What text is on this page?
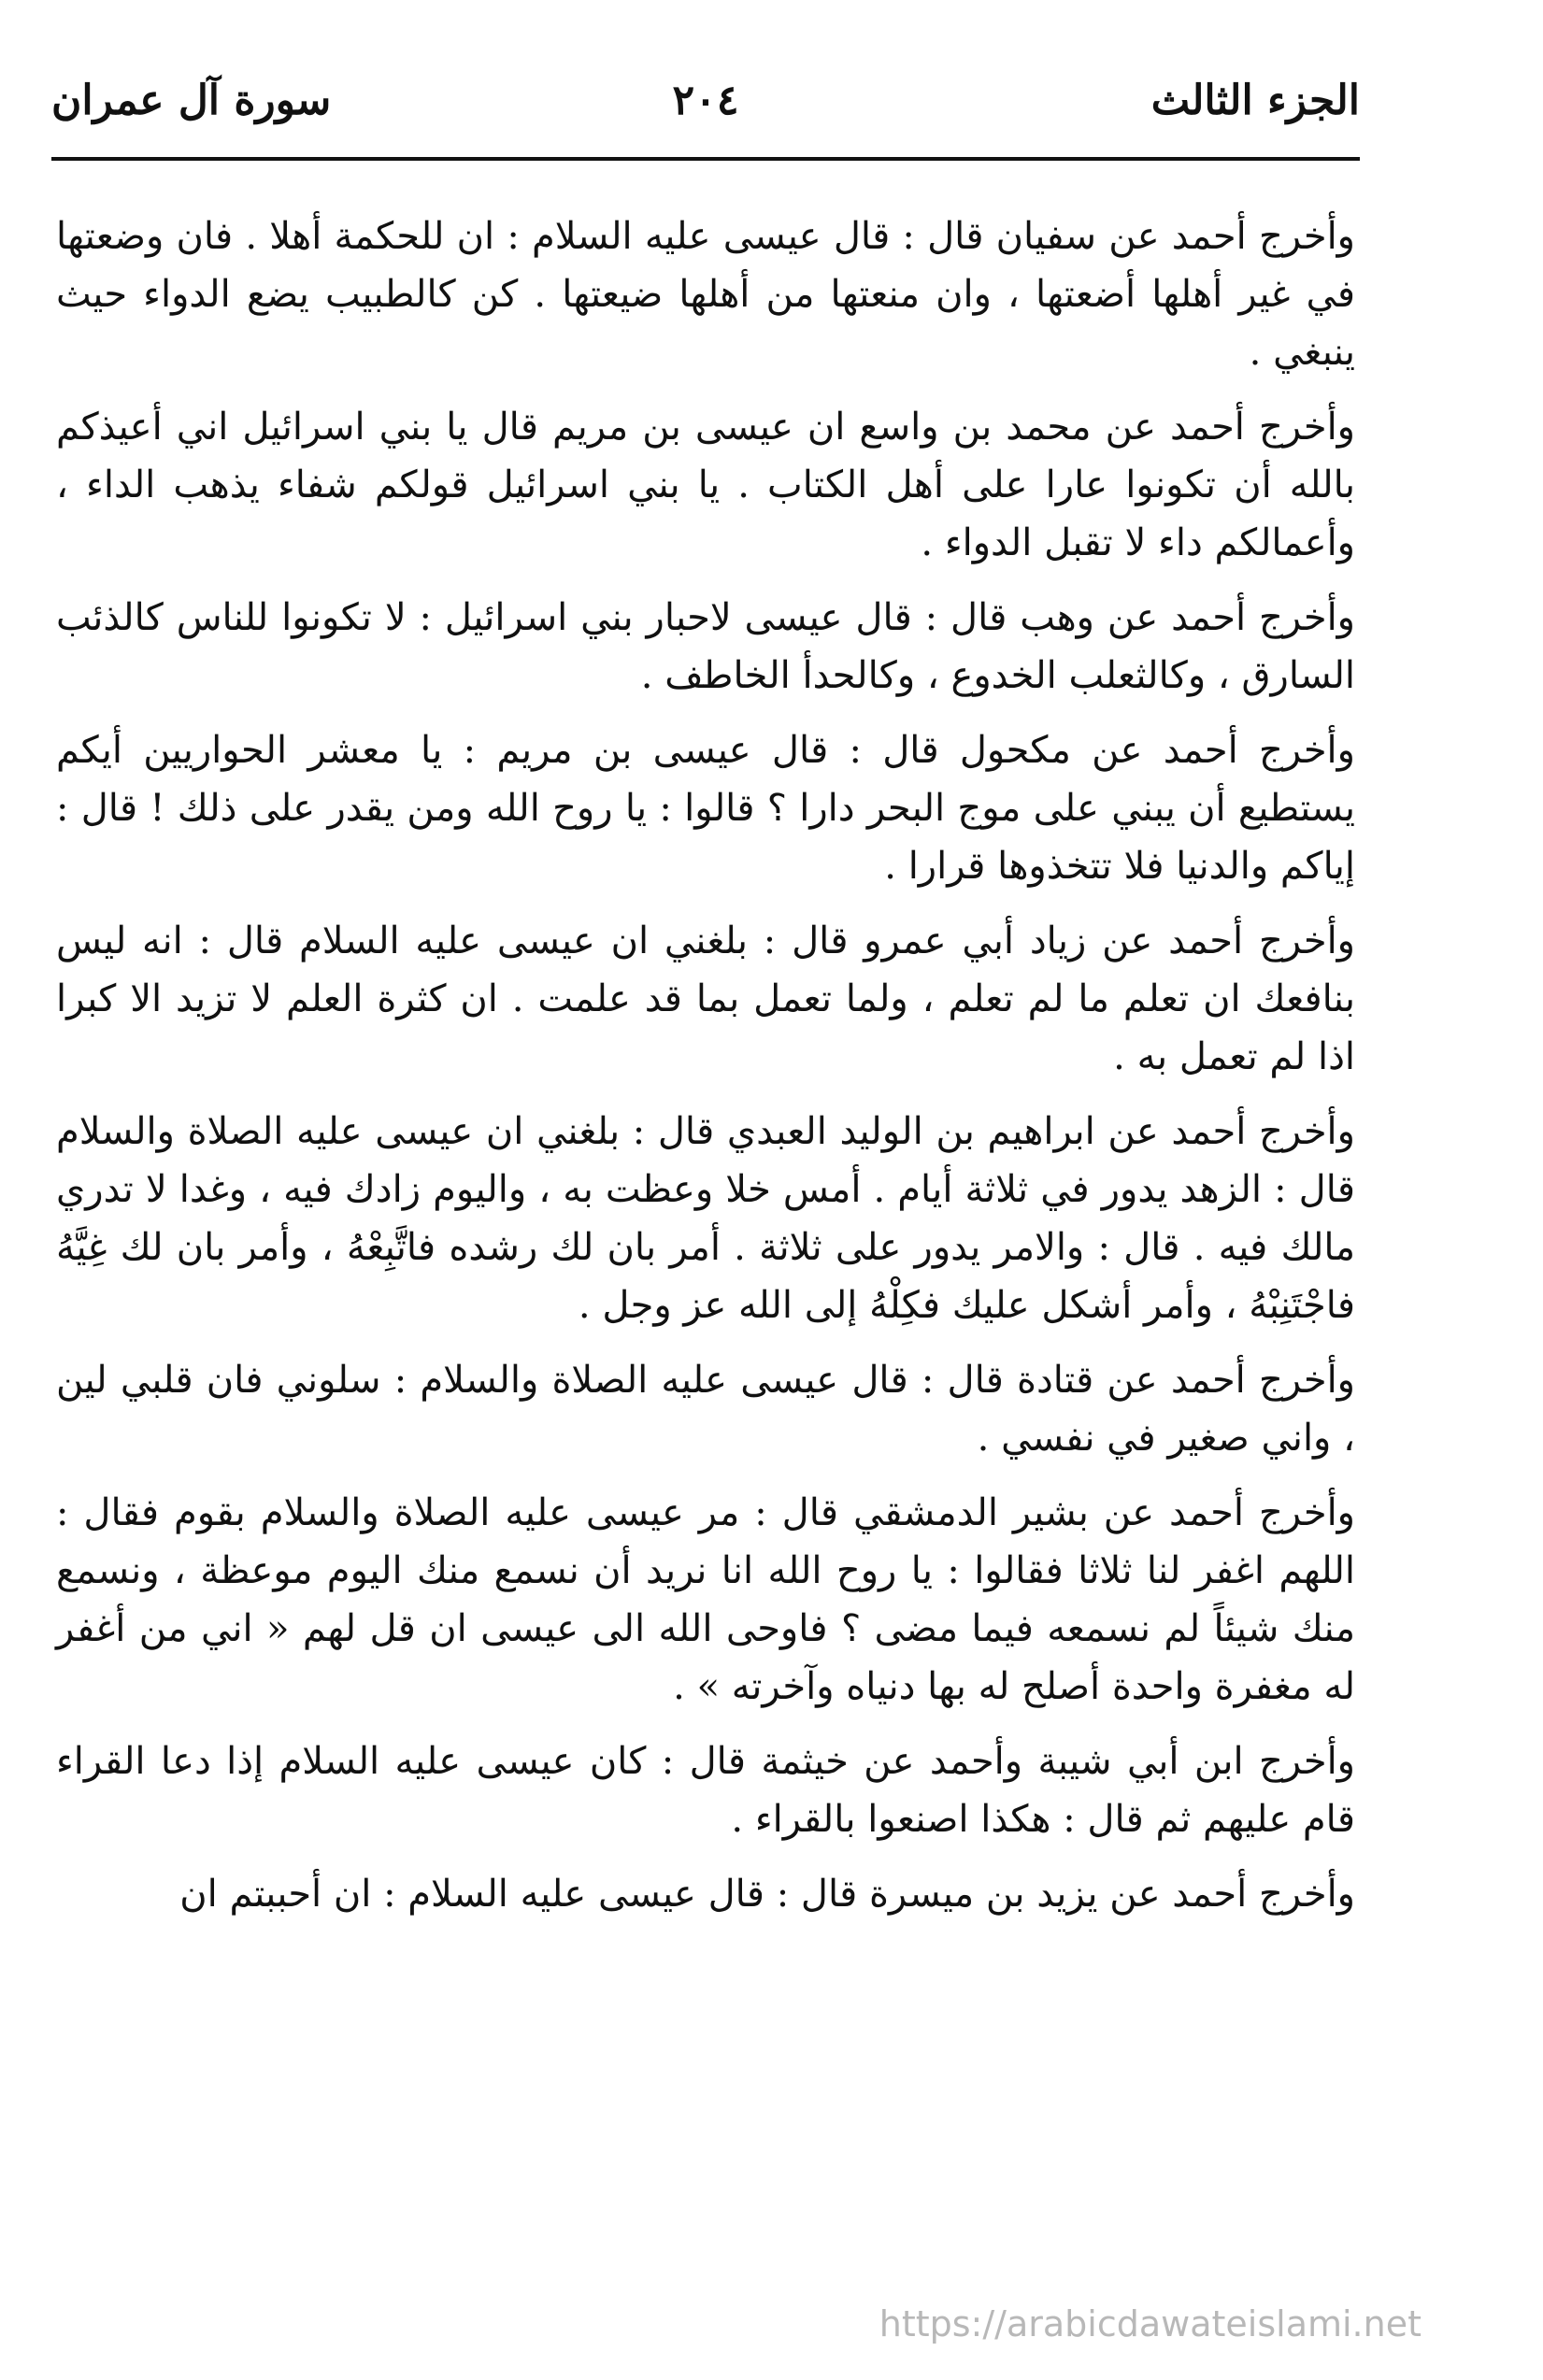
الجزء الثالث
٢٠٤
سورة آل عمران

وأخرج أحمد عن سفيان قال : قال عيسى عليه السلام : ان للحكمة أهلا . فان وضعتها في غير أهلها أضعتها ، وان منعتها من أهلها ضيعتها . كن كالطبيب يضع الدواء حيث ينبغي .

وأخرج أحمد عن محمد بن واسع ان عيسى بن مريم قال يا بني اسرائيل اني أعيذكم بالله أن تكونوا عارا على أهل الكتاب . يا بني اسرائيل قولكم شفاء يذهب الداء ، وأعمالكم داء لا تقبل الدواء .

وأخرج أحمد عن وهب قال : قال عيسى لاحبار بني اسرائيل : لا تكونوا للناس كالذئب السارق ، وكالثعلب الخدوع ، وكالحدأ الخاطف .

وأخرج أحمد عن مكحول قال : قال عيسى بن مريم : يا معشر الحواريين أيكم يستطيع أن يبني على موج البحر دارا ؟ قالوا : يا روح الله ومن يقدر على ذلك ! قال : إياكم والدنيا فلا تتخذوها قرارا .

وأخرج أحمد عن زياد أبي عمرو قال : بلغني ان عيسى عليه السلام قال : انه ليس بنافعك ان تعلم ما لم تعلم ، ولما تعمل بما قد علمت . ان كثرة العلم لا تزيد الا كبرا اذا لم تعمل به .

وأخرج أحمد عن ابراهيم بن الوليد العبدي قال : بلغني ان عيسى عليه الصلاة والسلام قال : الزهد يدور في ثلاثة أيام . أمس خلا وعظت به ، واليوم زادك فيه ، وغدا لا تدري مالك فيه . قال : والامر يدور على ثلاثة . أمر بان لك رشده فاتَّبِعْهُ ، وأمر بان لك غِيَّهُ فاجْتَنِبْهُ ، وأمر أشكل عليك فكِلْهُ إلى الله عز وجل .

وأخرج أحمد عن قتادة قال : قال عيسى عليه الصلاة والسلام : سلوني فان قلبي لين ، واني صغير في نفسي .

وأخرج أحمد عن بشير الدمشقي قال : مر عيسى عليه الصلاة والسلام بقوم فقال : اللهم اغفر لنا ثلاثا فقالوا : يا روح الله انا نريد أن نسمع منك اليوم موعظة ، ونسمع منك شيئاً لم نسمعه فيما مضى ؟ فاوحى الله الى عيسى ان قل لهم « اني من أغفر له مغفرة واحدة أصلح له بها دنياه وآخرته » .

وأخرج ابن أبي شيبة وأحمد عن خيثمة قال : كان عيسى عليه السلام إذا دعا القراء قام عليهم ثم قال : هكذا اصنعوا بالقراء .

وأخرج أحمد عن يزيد بن ميسرة قال : قال عيسى عليه السلام : ان أحببتم ان

https://arabicdawateislami.net
